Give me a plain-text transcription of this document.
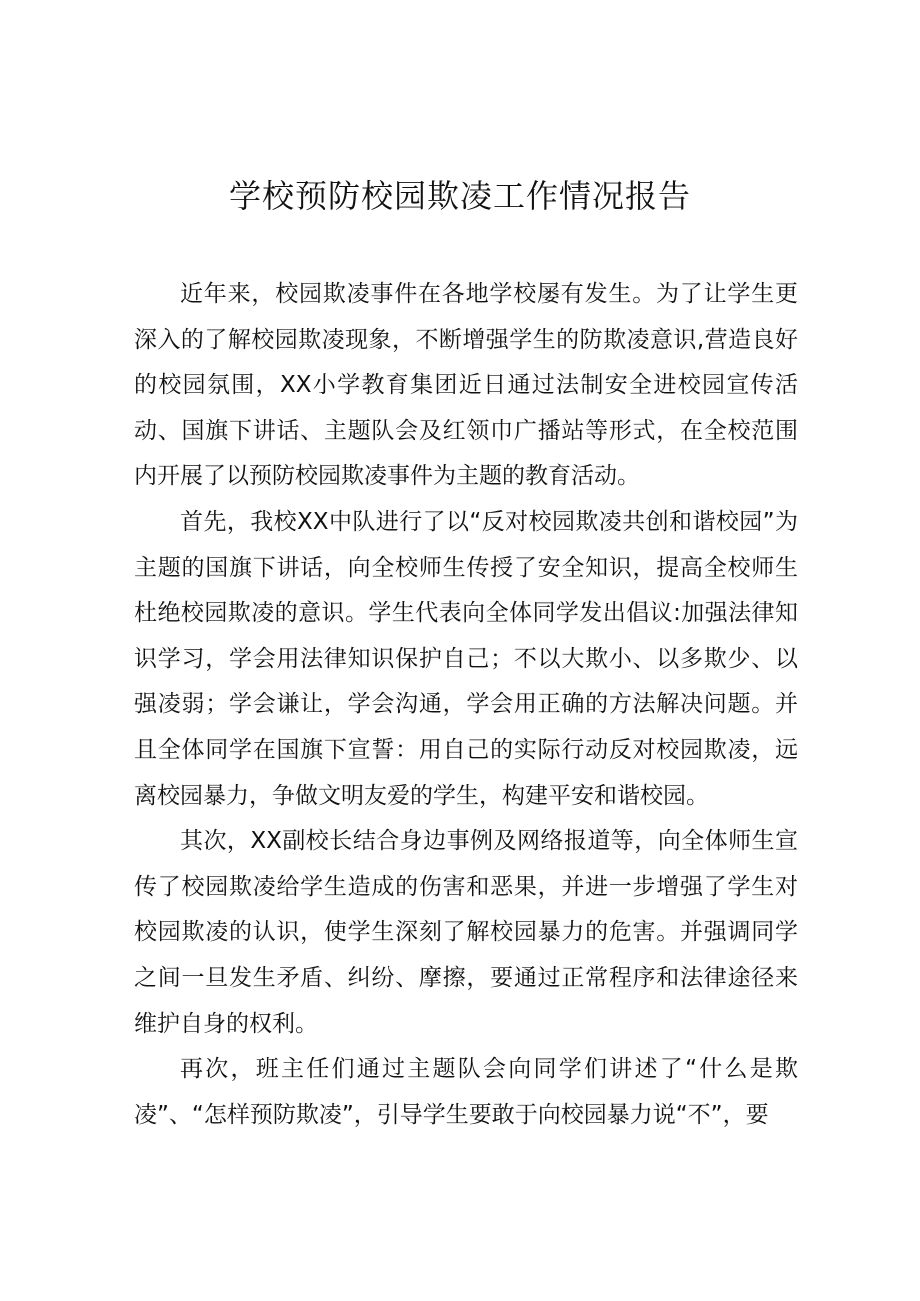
学校预防校园欺凌工作情况报告

近年来，校园欺凌事件在各地学校屡有发生。为了让学生更深入的了解校园欺凌现象，不断增强学生的防欺凌意识,营造良好的校园氛围，XX小学教育集团近日通过法制安全进校园宣传活动、国旗下讲话、主题队会及红领巾广播站等形式，在全校范围内开展了以预防校园欺凌事件为主题的教育活动。

首先，我校XX中队进行了以“反对校园欺凌共创和谐校园”为主题的国旗下讲话，向全校师生传授了安全知识，提高全校师生杜绝校园欺凌的意识。学生代表向全体同学发出倡议:加强法律知识学习，学会用法律知识保护自己；不以大欺小、以多欺少、以强凌弱；学会谦让，学会沟通，学会用正确的方法解决问题。并且全体同学在国旗下宣誓：用自己的实际行动反对校园欺凌，远离校园暴力，争做文明友爱的学生，构建平安和谐校园。

其次，XX副校长结合身边事例及网络报道等，向全体师生宣传了校园欺凌给学生造成的伤害和恶果，并进一步增强了学生对校园欺凌的认识，使学生深刻了解校园暴力的危害。并强调同学之间一旦发生矛盾、纠纷、摩擦，要通过正常程序和法律途径来维护自身的权利。

再次，班主任们通过主题队会向同学们讲述了“什么是欺凌”、“怎样预防欺凌”，引导学生要敢于向校园暴力说“不”，要
